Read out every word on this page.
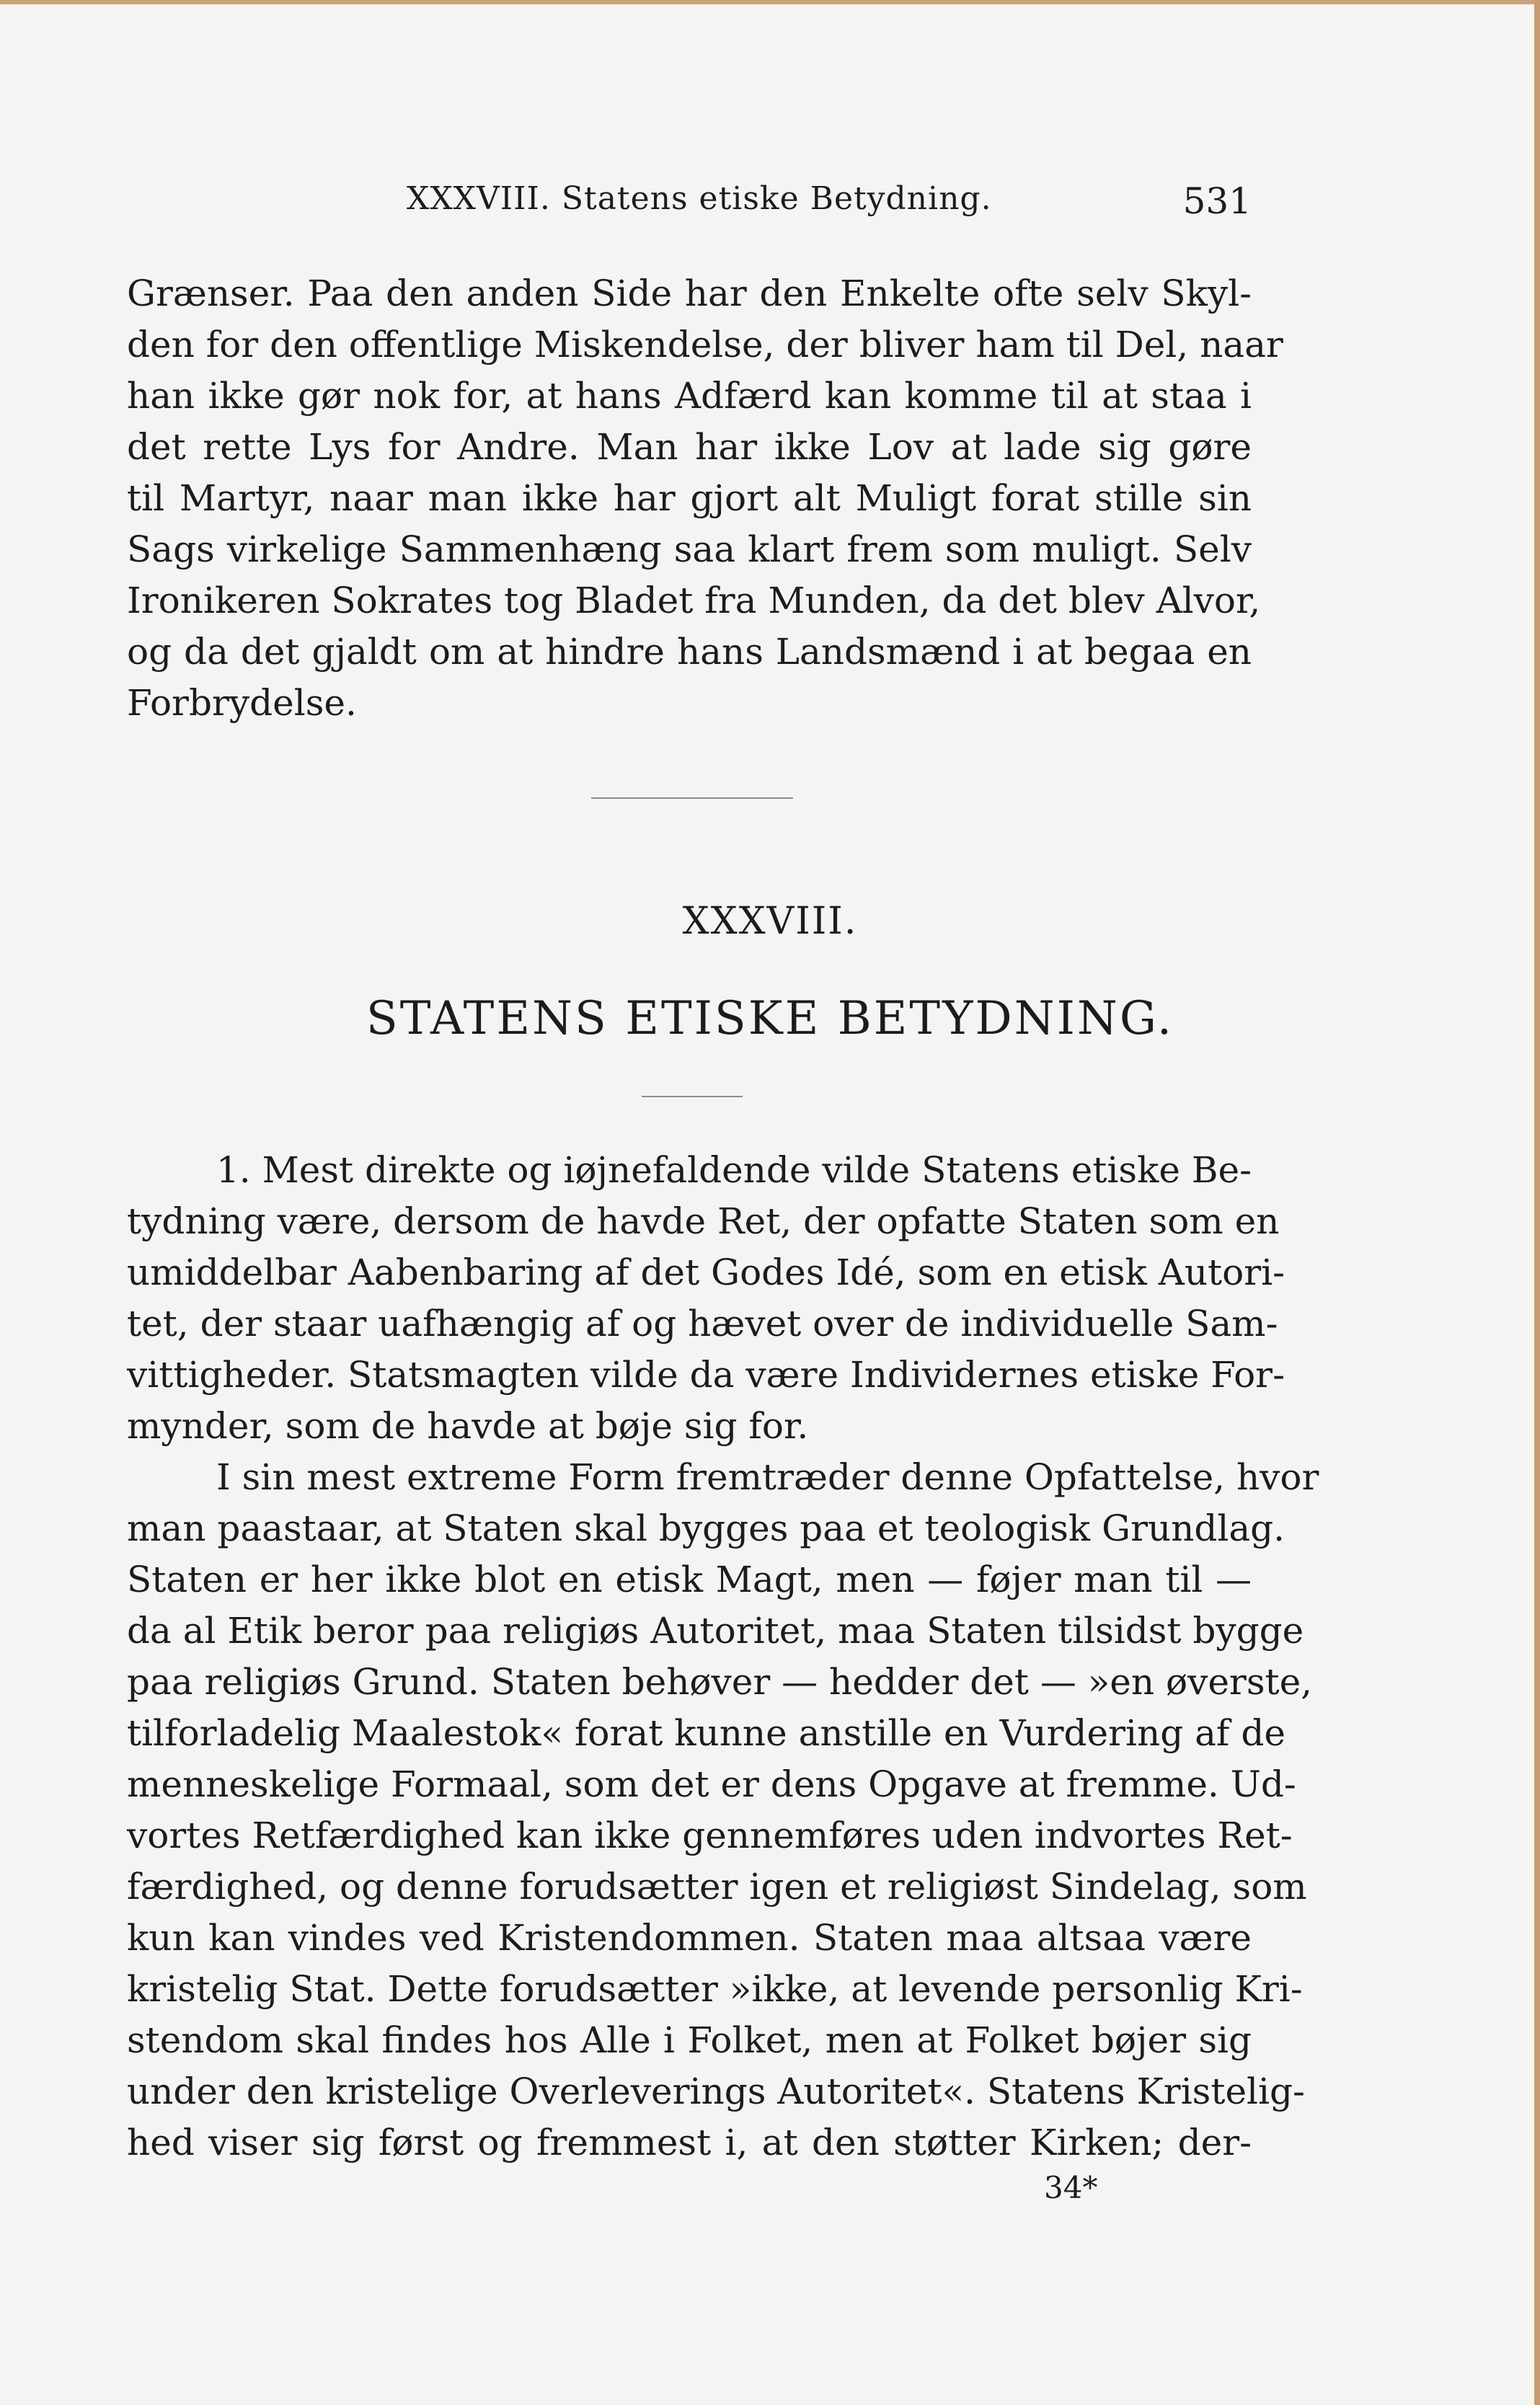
XXXVIII. Statens etiske Betydning.	531
Grænser. Paa den anden Side har den Enkelte ofte selv Skyl-
den for den offentlige Miskendelse, der bliver ham til Del, naar
han ikke gør nok for, at hans Adfærd kan komme til at staa i
det rette Lys for Andre. Man har ikke Lov at lade sig gøre
til Martyr, naar man ikke har gjort alt Muligt forat stille sin
Sags virkelige Sammenhæng saa klart frem som muligt. Selv
Ironikeren Sokrates tog Bladet fra Munden, da det blev Alvor,
og da det gjaldt om at hindre hans Landsmænd i at begaa en
Forbrydelse.
XXXVIII.
STATENS ETISKE BETYDNING.
1. Mest direkte og iøjnefaldende vilde Statens etiske Be-
tydning være, dersom de havde Ret, der opfatte Staten som en
umiddelbar Aabenbaring af det Godes Idé, som en etisk Autori-
tet, der staar uafhængig af og hævet over de individuelle Sam-
vittigheder. Statsmagten vilde da være Individernes etiske For-
mynder, som de havde at bøje sig for.
I sin mest extreme Form fremtræder denne Opfattelse, hvor
man paastaar, at Staten skal bygges paa et teologisk Grundlag.
Staten er her ikke blot en etisk Magt, men — føjer man til —
da al Etik beror paa religiøs Autoritet, maa Staten tilsidst bygge
paa religiøs Grund. Staten behøver — hedder det — »en øverste,
tilforladelig Maalestok« forat kunne anstille en Vurdering af de
menneskelige Formaal, som det er dens Opgave at fremme. Ud-
vortes Retfærdighed kan ikke gennemføres uden indvortes Ret-
færdighed, og denne forudsætter igen et religiøst Sindelag, som
kun kan vindes ved Kristendommen. Staten maa altsaa være
kristelig Stat. Dette forudsætter »ikke, at levende personlig Kri-
stendom skal findes hos Alle i Folket, men at Folket bøjer sig
under den kristelige Overleverings Autoritet«. Statens Kristelig-
hed viser sig først og fremmest i, at den støtter Kirken; der-
34*
